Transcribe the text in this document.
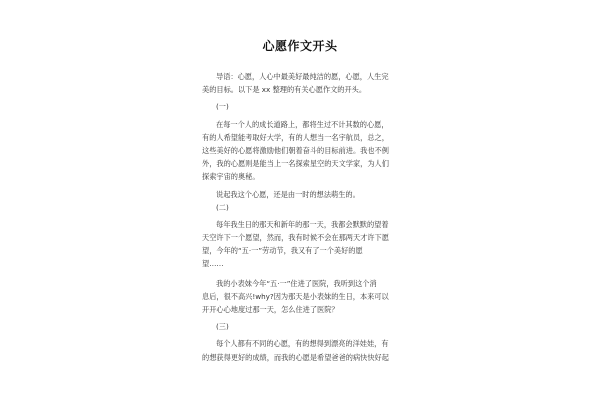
心愿作文开头
导语：心愿，人心中最美好最纯洁的愿，心愿，人生完
美的目标。以下是 xx 整理的有关心愿作文的开头。
(一)
在每一个人的成长道路上，都将生过不计其数的心愿，
有的人希望能考取好大学，有的人想当一名宇航员，总之，
这些美好的心愿将激励他们朝着奋斗的目标前进。我也不例
外，我的心愿则是能当上一名探索星空的天文学家，为人们
探索宇宙的奥秘。
说起我这个心愿，还是由一时的想法萌生的。
(二)
每年我生日的那天和新年的那一天，我都会默默的望着
天空许下一个愿望，然而，我有时候不会在那两天才许下愿
望，今年的“五·一”劳动节，我又有了一个美好的愿
望……
我的小表妹今年“五·一”住进了医院，我听到这个消
息后，很不高兴!why?因为那天是小表妹的生日，本来可以
开开心心地度过那一天，怎么住进了医院？
(三)
每个人都有不同的心愿，有的想得到漂亮的洋娃娃，有
的想获得更好的成绩，而我的心愿是希望爸爸的病快快好起
